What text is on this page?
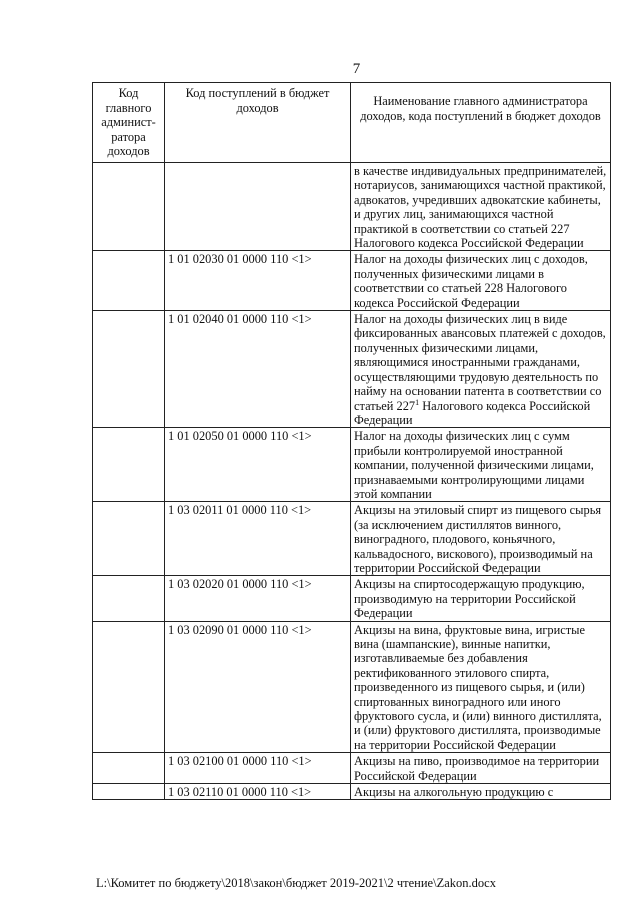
7
Код главного админист-ратора доходов	Код поступлений в бюджет доходов	Наименование главного администратора доходов, кода поступлений в бюджет доходов
		в качестве индивидуальных предпринимателей, нотариусов, занимающихся частной практикой, адвокатов, учредивших адвокатские кабинеты, и других лиц, занимающихся частной практикой в соответствии со статьей 227 Налогового кодекса Российской Федерации
	1 01 02030 01 0000 110 <1>	Налог на доходы физических лиц с доходов, полученных физическими лицами в соответствии со статьей 228 Налогового кодекса Российской Федерации
	1 01 02040 01 0000 110 <1>	Налог на доходы физических лиц в виде фиксированных авансовых платежей с доходов, полученных физическими лицами, являющимися иностранными гражданами, осуществляющими трудовую деятельность по найму на основании патента в соответствии со статьей $227^1$ Налогового кодекса Российской Федерации
	1 01 02050 01 0000 110 <1>	Налог на доходы физических лиц с сумм прибыли контролируемой иностранной компании, полученной физическими лицами, признаваемыми контролирующими лицами этой компании
	1 03 02011 01 0000 110 <1>	Акцизы на этиловый спирт из пищевого сырья (за исключением дистиллятов винного, виноградного, плодового, коньячного, кальвадосного, вискового), производимый на территории Российской Федерации
	1 03 02020 01 0000 110 <1>	Акцизы на спиртосодержащую продукцию, производимую на территории Российской Федерации
	1 03 02090 01 0000 110 <1>	Акцизы на вина, фруктовые вина, игристые вина (шампанские), винные напитки, изготавливаемые без добавления ректификованного этилового спирта, произведенного из пищевого сырья, и (или) спиртованных виноградного или иного фруктового сусла, и (или) винного дистиллята, и (или) фруктового дистиллята, производимые на территории Российской Федерации
	1 03 02100 01 0000 110 <1>	Акцизы на пиво, производимое на территории Российской Федерации
	1 03 02110 01 0000 110 <1>	Акцизы на алкогольную продукцию с
L:\Комитет по бюджету\2018\закон\бюджет 2019-2021\2 чтение\Zakon.docx
